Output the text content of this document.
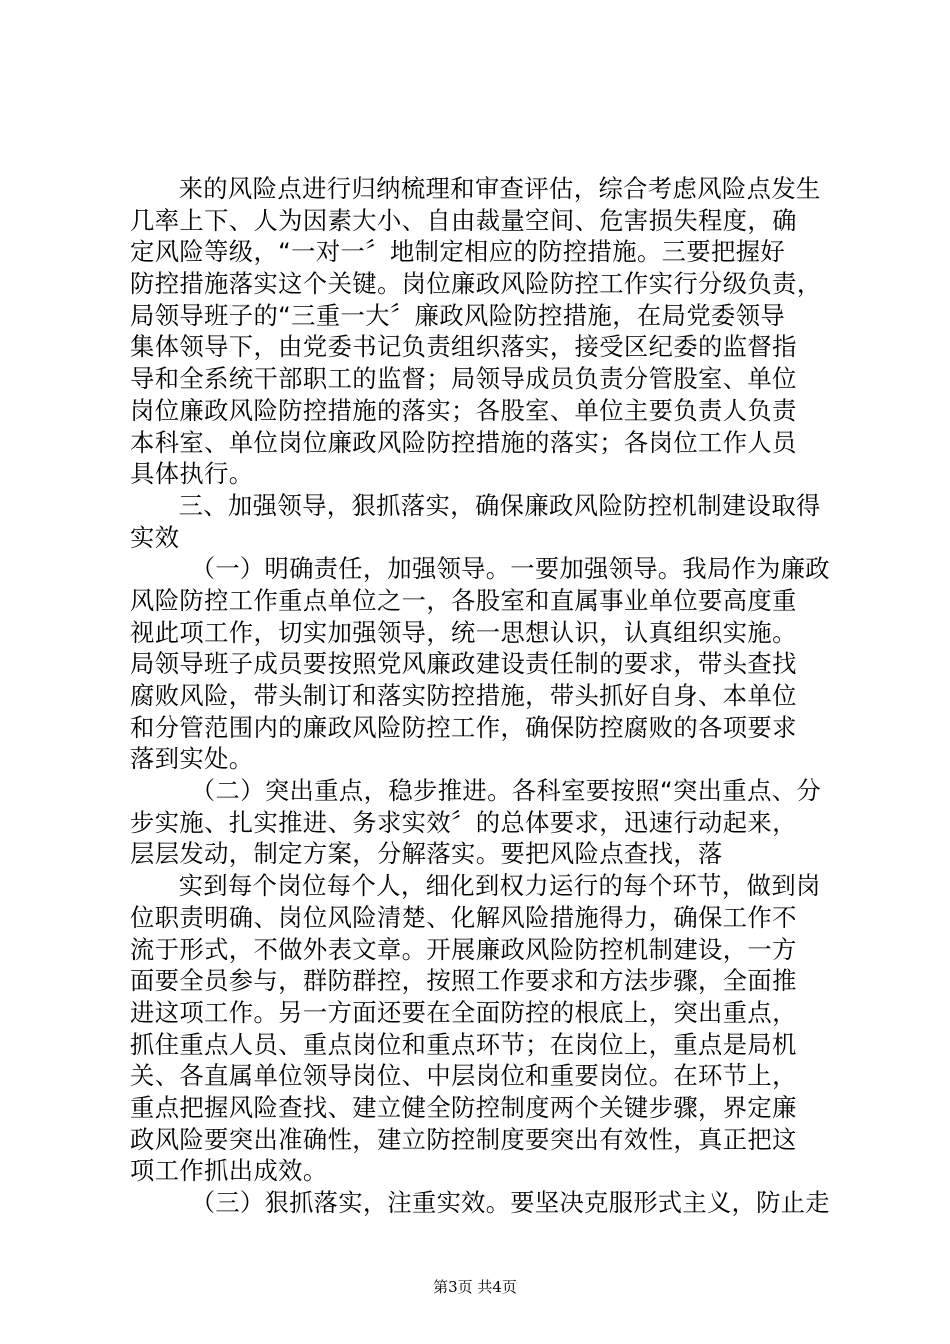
来的风险点进行归纳梳理和审查评估，综合考虑风险点发生
几率上下、人为因素大小、自由裁量空间、危害损失程度，确
定风险等级，“一对一〞地制定相应的防控措施。三要把握好
防控措施落实这个关键。岗位廉政风险防控工作实行分级负责，
局领导班子的“三重一大〞廉政风险防控措施，在局党委领导
集体领导下，由党委书记负责组织落实，接受区纪委的监督指
导和全系统干部职工的监督；局领导成员负责分管股室、单位
岗位廉政风险防控措施的落实；各股室、单位主要负责人负责
本科室、单位岗位廉政风险防控措施的落实；各岗位工作人员
具体执行。
三、加强领导，狠抓落实，确保廉政风险防控机制建设取得
实效
（一）明确责任，加强领导。一要加强领导。我局作为廉政
风险防控工作重点单位之一，各股室和直属事业单位要高度重
视此项工作，切实加强领导，统一思想认识，认真组织实施。
局领导班子成员要按照党风廉政建设责任制的要求，带头查找
腐败风险，带头制订和落实防控措施，带头抓好自身、本单位
和分管范围内的廉政风险防控工作，确保防控腐败的各项要求
落到实处。
（二）突出重点，稳步推进。各科室要按照“突出重点、分
步实施、扎实推进、务求实效〞的总体要求，迅速行动起来，
层层发动，制定方案，分解落实。要把风险点查找，落
实到每个岗位每个人，细化到权力运行的每个环节，做到岗
位职责明确、岗位风险清楚、化解风险措施得力，确保工作不
流于形式，不做外表文章。开展廉政风险防控机制建设，一方
面要全员参与，群防群控，按照工作要求和方法步骤，全面推
进这项工作。另一方面还要在全面防控的根底上，突出重点，
抓住重点人员、重点岗位和重点环节；在岗位上，重点是局机
关、各直属单位领导岗位、中层岗位和重要岗位。在环节上，
重点把握风险查找、建立健全防控制度两个关键步骤，界定廉
政风险要突出准确性，建立防控制度要突出有效性，真正把这
项工作抓出成效。
（三）狠抓落实，注重实效。要坚决克服形式主义，防止走
第3页 共4页
